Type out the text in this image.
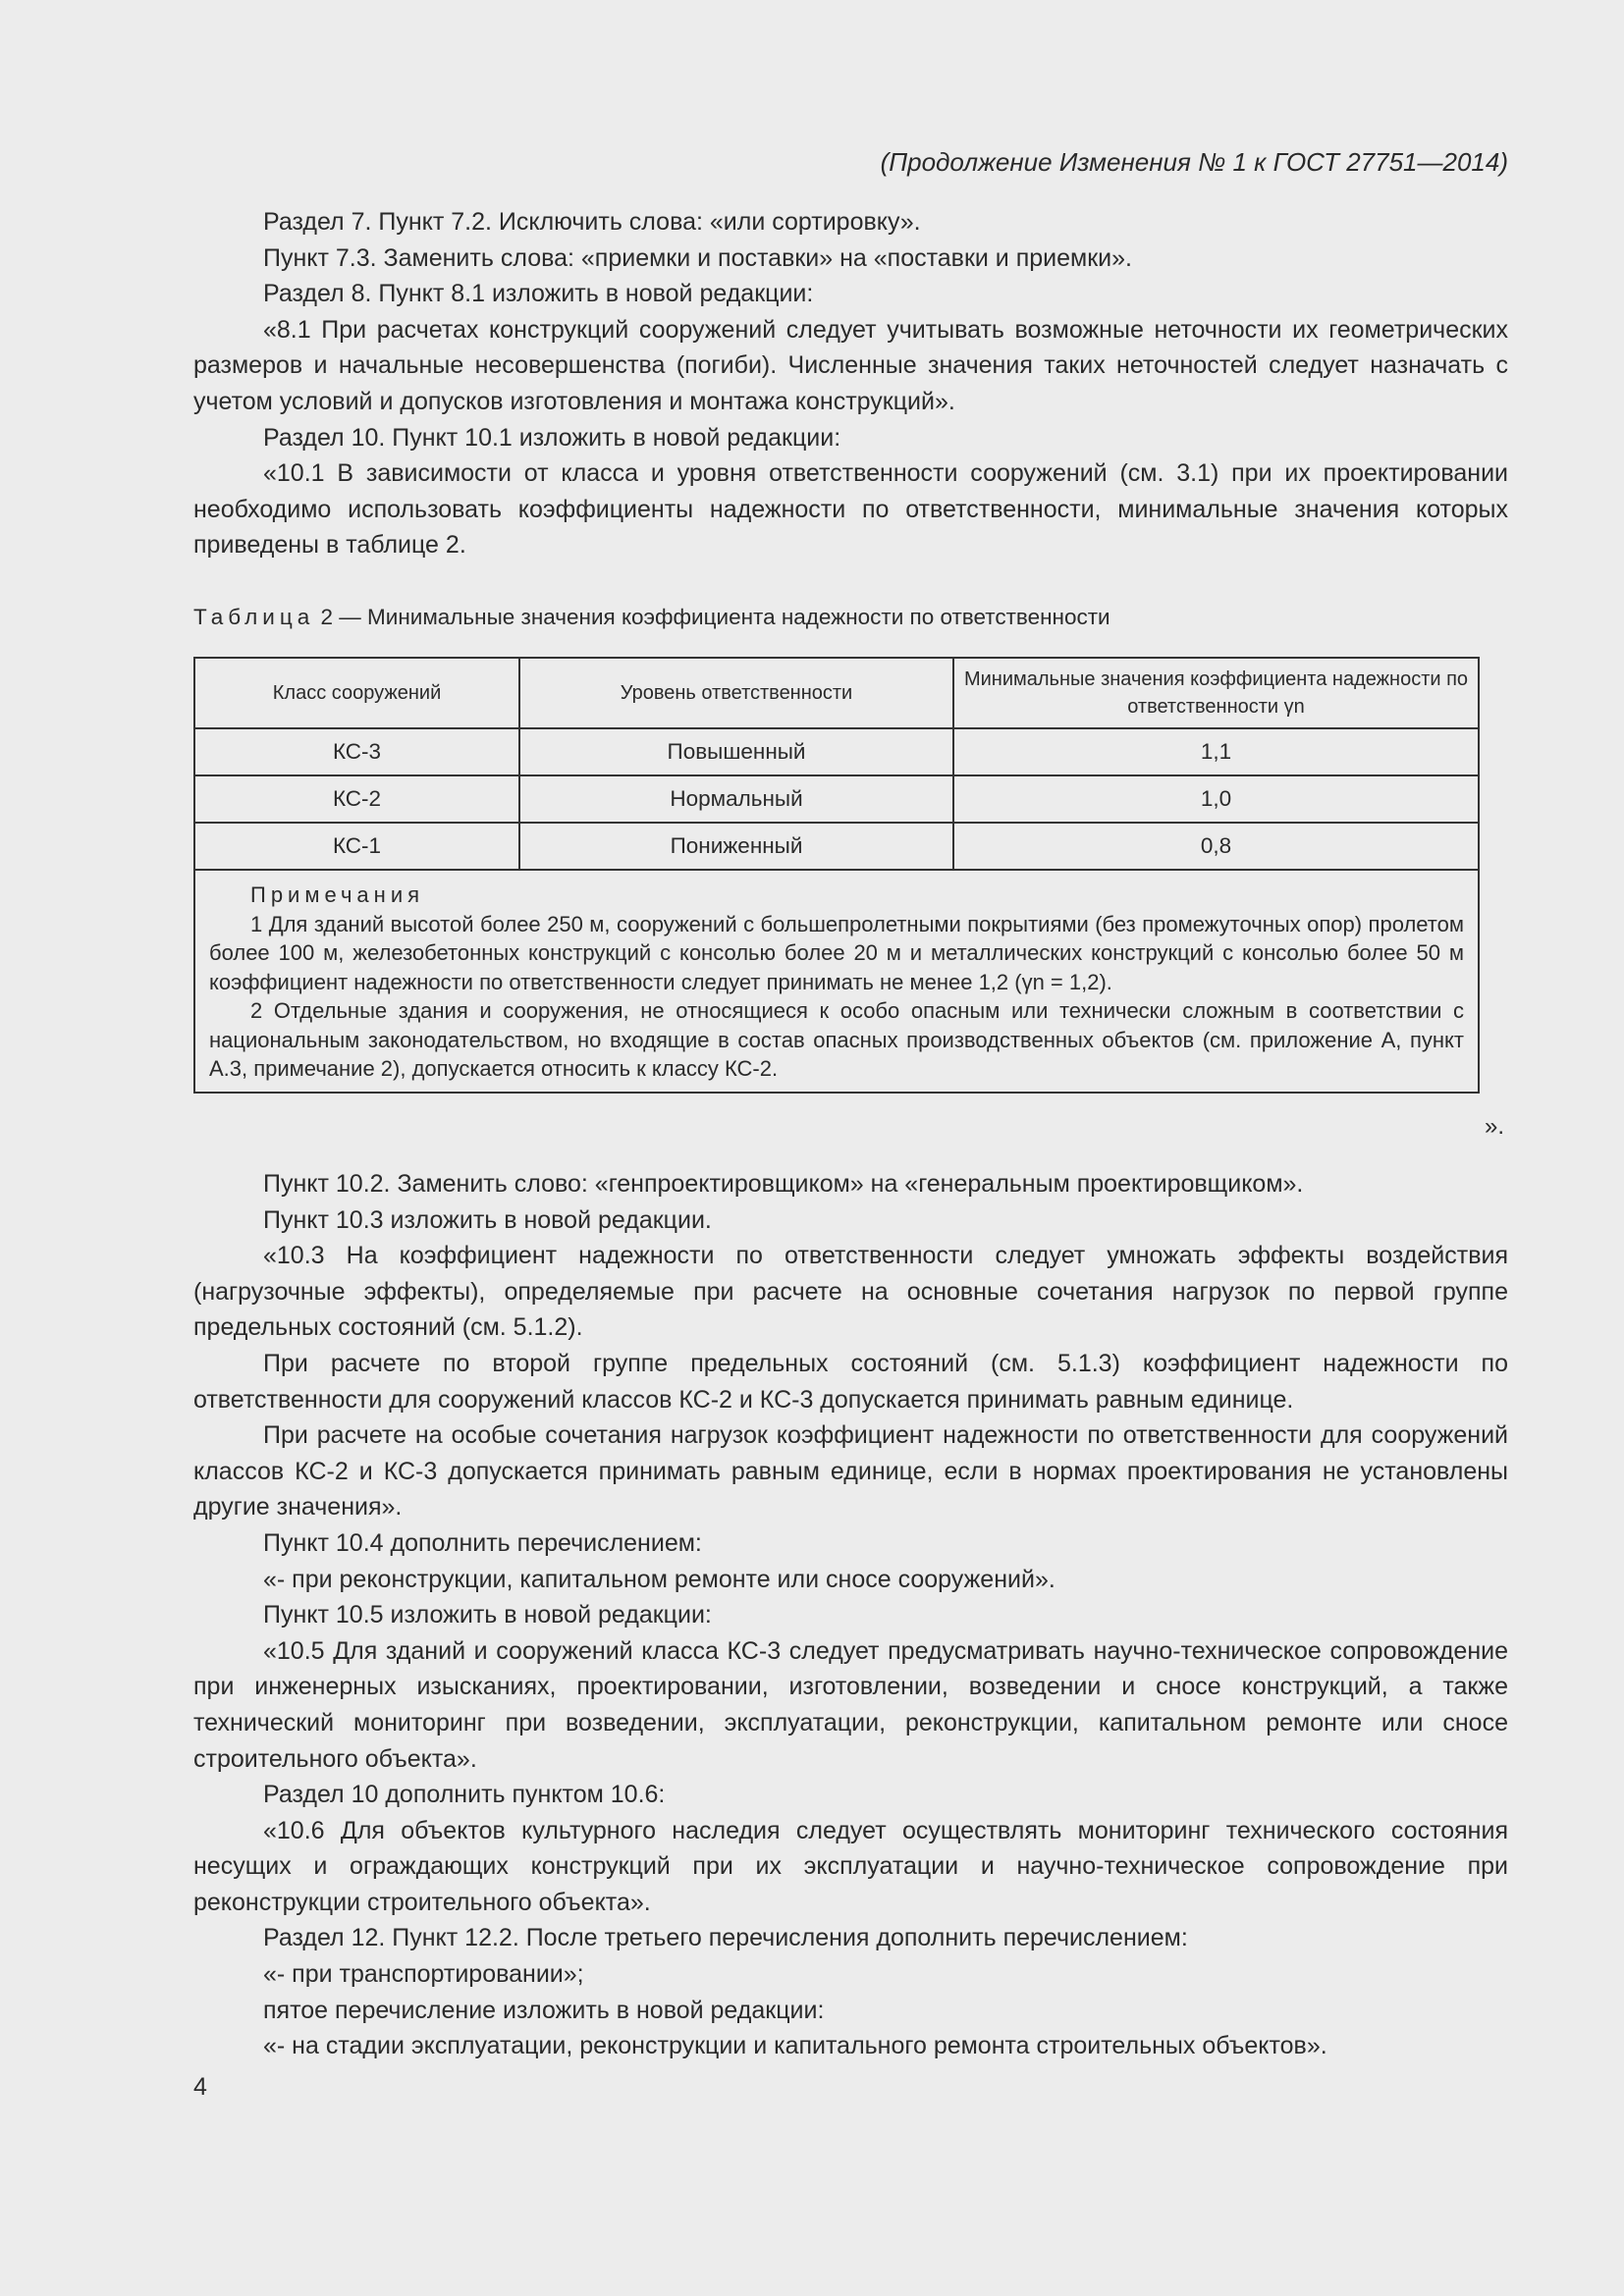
(Продолжение Изменения № 1 к ГОСТ 27751—2014)

Раздел 7. Пункт 7.2. Исключить слова: «или сортировку».

Пункт 7.3. Заменить слова: «приемки и поставки» на «поставки и приемки».

Раздел 8. Пункт 8.1 изложить в новой редакции:

«8.1 При расчетах конструкций сооружений следует учитывать возможные неточности их геометрических размеров и начальные несовершенства (погиби). Численные значения таких неточностей следует назначать с учетом условий и допусков изготовления и монтажа конструкций».

Раздел 10. Пункт 10.1 изложить в новой редакции:

«10.1 В зависимости от класса и уровня ответственности сооружений (см. 3.1) при их проектировании необходимо использовать коэффициенты надежности по ответственности, минимальные значения которых приведены в таблице 2.

Таблица 2 — Минимальные значения коэффициента надежности по ответственности
Класс сооружений	Уровень ответственности	Минимальные значения коэффициента надежности по ответственности γn
КС-3	Повышенный	1,1
КС-2	Нормальный	1,0
КС-1	Пониженный	0,8

Примечания

1 Для зданий высотой более 250 м, сооружений с большепролетными покрытиями (без промежуточных опор) пролетом более 100 м, железобетонных конструкций с консолью более 20 м и металлических конструкций с консолью более 50 м коэффициент надежности по ответственности следует принимать не менее 1,2 (γn = 1,2).

2 Отдельные здания и сооружения, не относящиеся к особо опасным или технически сложным в соответствии с национальным законодательством, но входящие в состав опасных производственных объектов (см. приложение А, пункт А.3, примечание 2), допускается относить к классу КС-2.		

».

Пункт 10.2. Заменить слово: «генпроектировщиком» на «генеральным проектировщиком».

Пункт 10.3 изложить в новой редакции.

«10.3 На коэффициент надежности по ответственности следует умножать эффекты воздействия (нагрузочные эффекты), определяемые при расчете на основные сочетания нагрузок по первой группе предельных состояний (см. 5.1.2).

При расчете по второй группе предельных состояний (см. 5.1.3) коэффициент надежности по ответственности для сооружений классов КС-2 и КС-3 допускается принимать равным единице.

При расчете на особые сочетания нагрузок коэффициент надежности по ответственности для сооружений классов КС-2 и КС-3 допускается принимать равным единице, если в нормах проектирования не установлены другие значения».

Пункт 10.4 дополнить перечислением:

«- при реконструкции, капитальном ремонте или сносе сооружений».

Пункт 10.5 изложить в новой редакции:

«10.5 Для зданий и сооружений класса КС-3 следует предусматривать научно-техническое сопровождение при инженерных изысканиях, проектировании, изготовлении, возведении и сносе конструкций, а также технический мониторинг при возведении, эксплуатации, реконструкции, капитальном ремонте или сносе строительного объекта».

Раздел 10 дополнить пунктом 10.6:

«10.6 Для объектов культурного наследия следует осуществлять мониторинг технического состояния несущих и ограждающих конструкций при их эксплуатации и научно-техническое сопровождение при реконструкции строительного объекта».

Раздел 12. Пункт 12.2. После третьего перечисления дополнить перечислением:

«- при транспортировании»;

пятое перечисление изложить в новой редакции:

«- на стадии эксплуатации, реконструкции и капитального ремонта строительных объектов».

4
